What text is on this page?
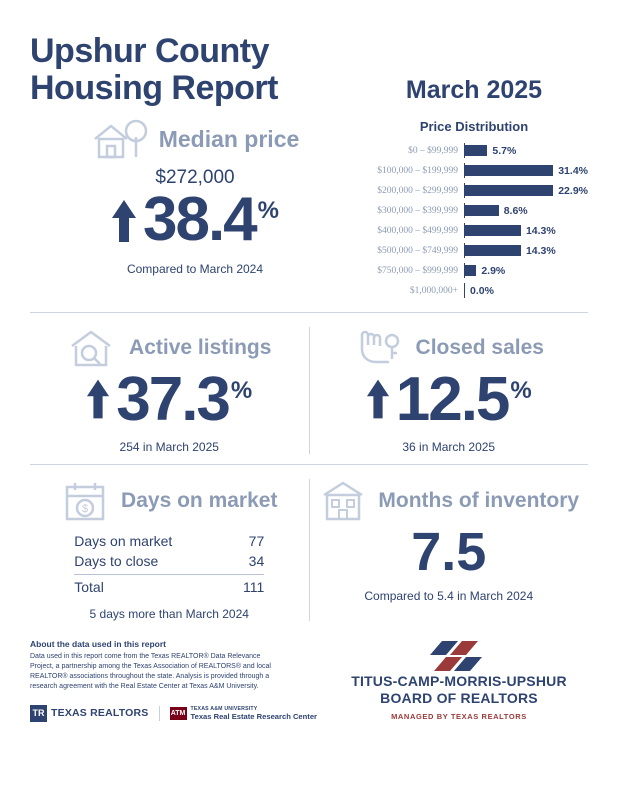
Upshur County
Housing Report	March 2025
Median price
$272,000
38.4 %
Compared to March 2024
Price Distribution
$0 – $99,999	5.7%
$100,000 – $199,999	31.4%
$200,000 – $299,999	22.9%
$300,000 – $399,999	8.6%
$400,000 – $499,999	14.3%
$500,000 – $749,999	14.3%
$750,000 – $999,999	2.9%
$1,000,000+	0.0%
Active listings
37.3 %
254 in March 2025
Closed sales
12.5 %
36 in March 2025
$ Days on market
Days on market	77
Days to close	34
Total	111
5 days more than March 2024
Months of inventory
7.5
Compared to 5.4 in March 2024
About the data used in this report
Data used in this report come from the Texas REALTOR® Data Relevance Project, a partnership among the Texas Association of REALTORS® and local REALTOR® associations throughout the state. Analysis is provided through a research agreement with the Real Estate Center at Texas A&M University.
TR TEXAS REALTORS	ATM
TEXAS A&M UNIVERSITY
Texas Real Estate Research Center
TITUS-CAMP-MORRIS-UPSHUR
BOARD OF REALTORS
MANAGED BY TEXAS REALTORS
